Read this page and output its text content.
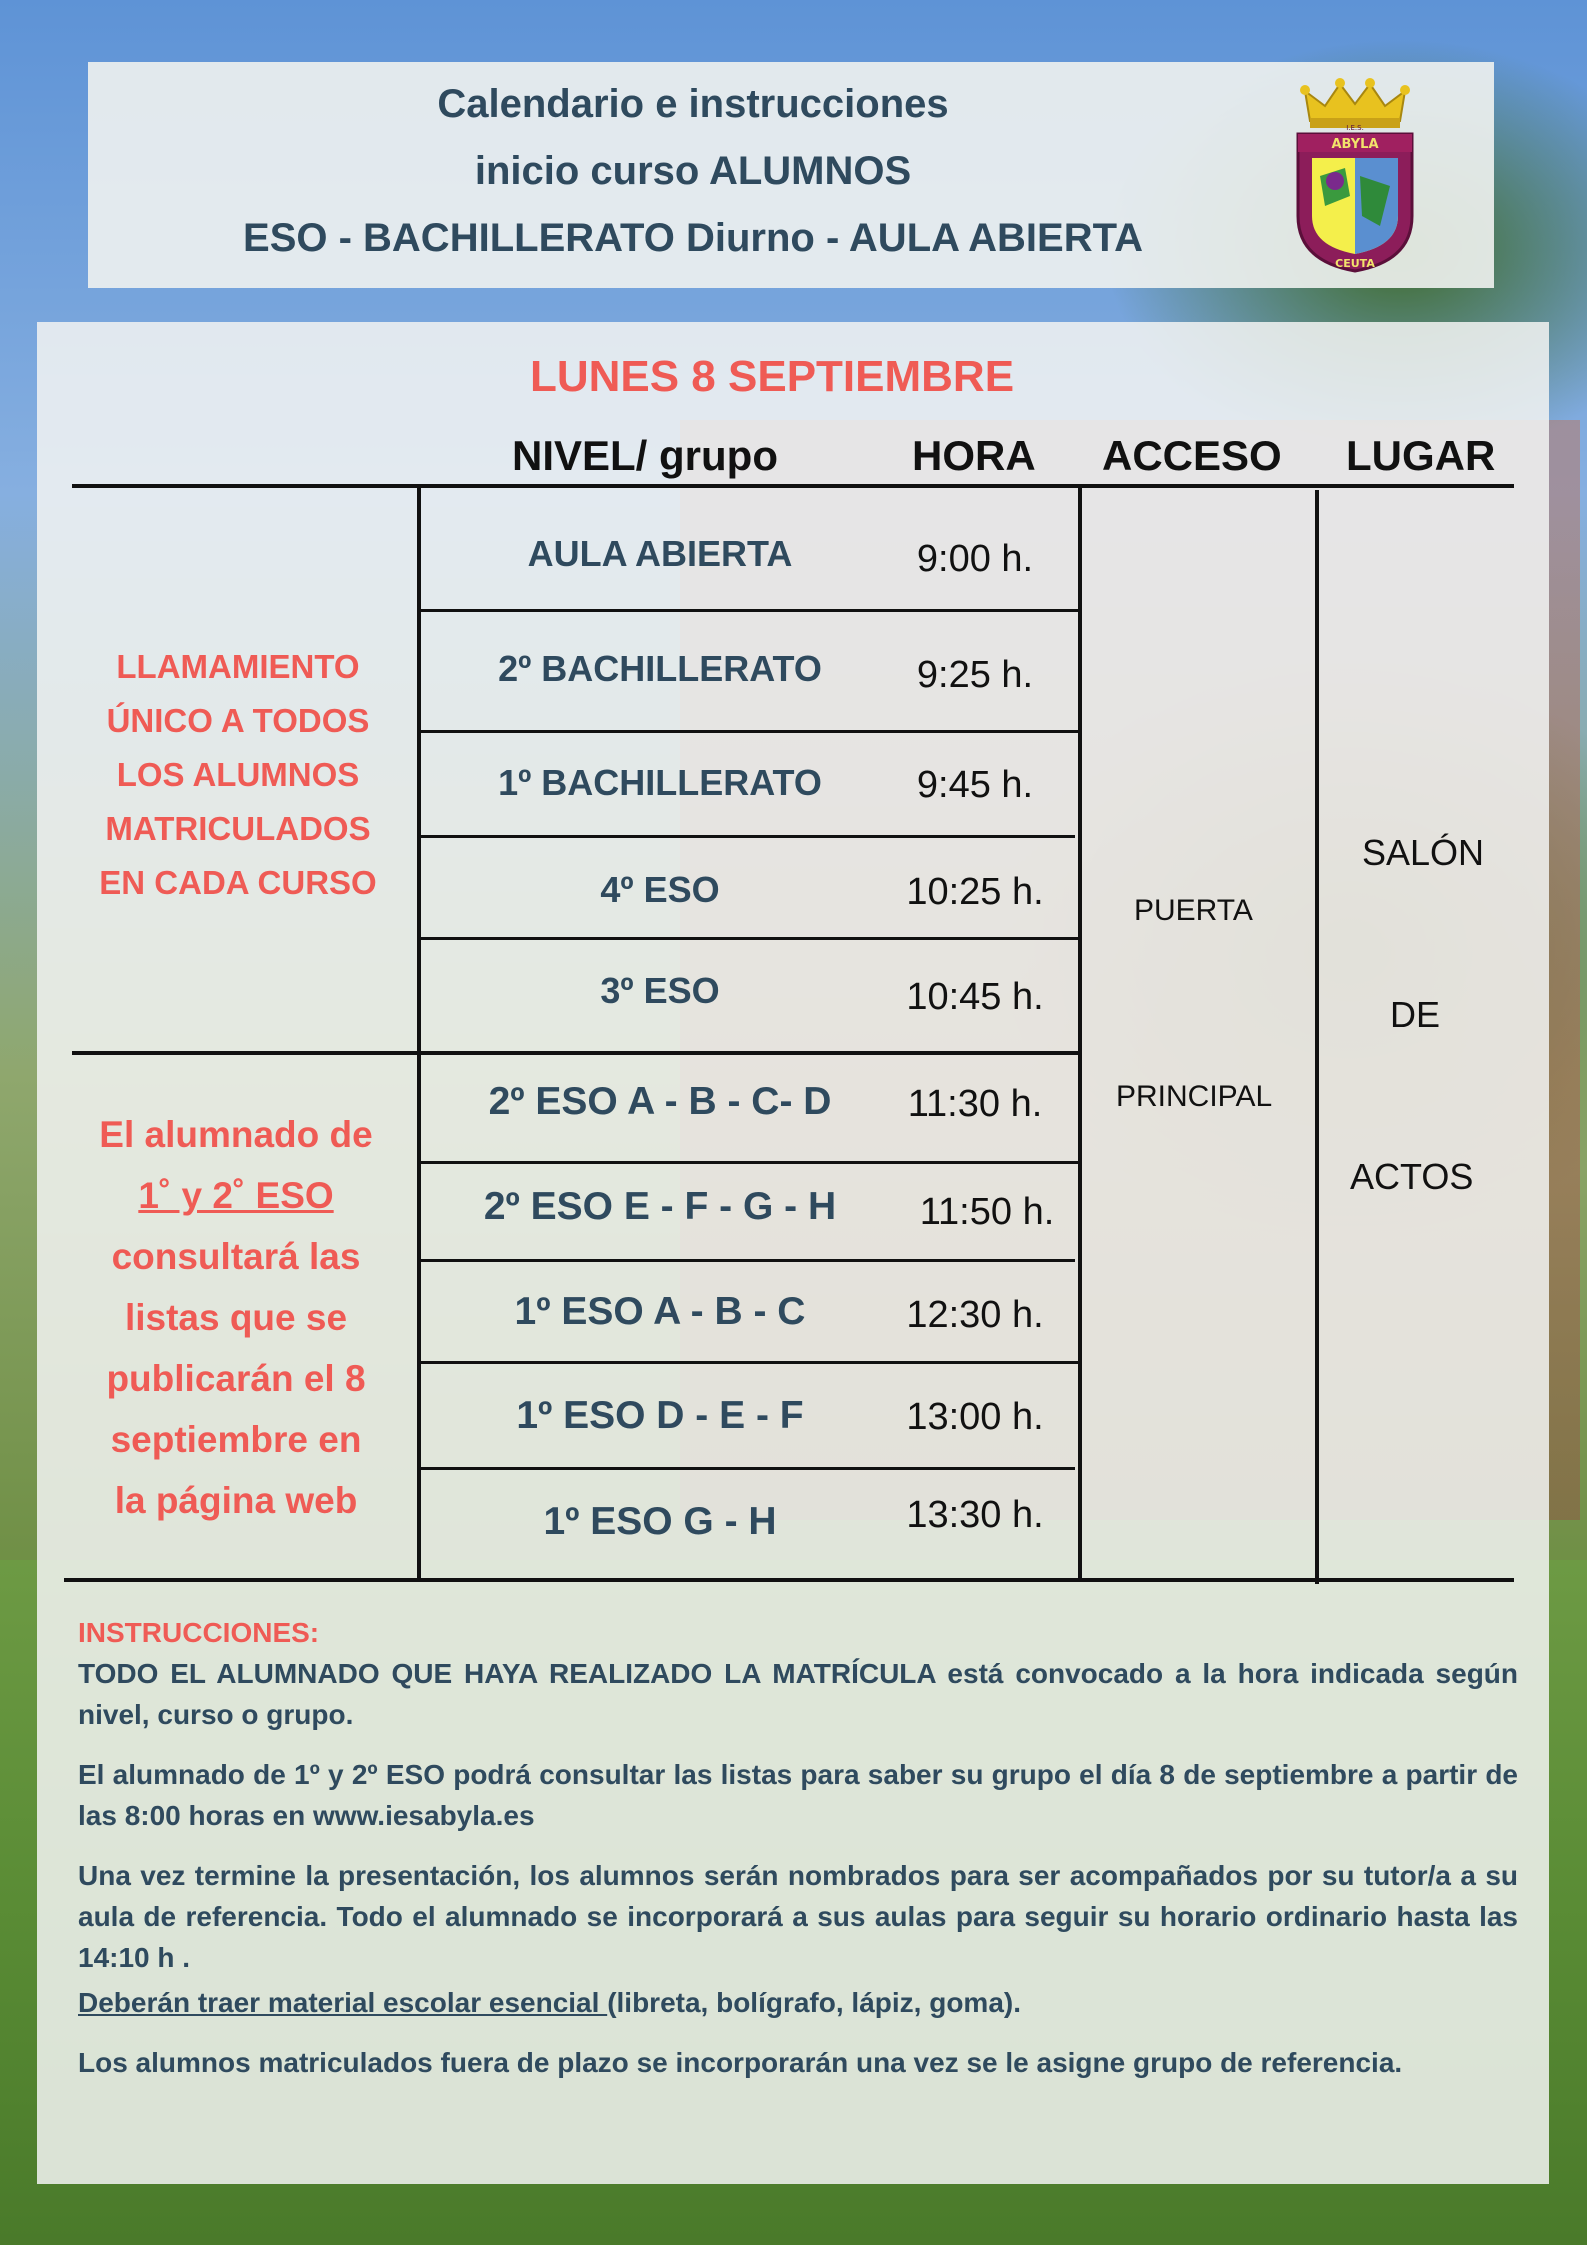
Calendario e instrucciones
inicio curso ALUMNOS
ESO - BACHILLERATO Diurno - AULA ABIERTA
ABYLA
CEUTA
I.E.S.
LUNES 8 SEPTIEMBRE
NIVEL/ grupo	HORA ACCESO LUGAR
AULA ABIERTA	9:00 h.
2º BACHILLERATO	9:25 h.
1º BACHILLERATO	9:45 h.
4º ESO	10:25 h.
3º ESO	10:45 h.
2º ESO A - B - C- D	11:30 h.
2º ESO E - F - G - H	11:50 h.
1º ESO A - B - C	12:30 h.
1º ESO D - E - F	13:00 h.
1º ESO G - H	13:30 h.
PUERTA
PRINCIPAL
SALÓN
DE
ACTOS
LLAMAMIENTO
ÚNICO A TODOS
LOS ALUMNOS
MATRICULADOS
EN CADA CURSO
El alumnado de
1˚ y 2˚ ESO
consultará las
listas que se
publicarán el 8
septiembre en
la página web

INSTRUCCIONES:
TODO EL ALUMNADO QUE HAYA REALIZADO LA MATRÍCULA está convocado a la hora indicada según nivel, curso o grupo.

El alumnado de 1º y 2º ESO podrá consultar las listas para saber su grupo el día 8 de septiembre a partir de las 8:00 horas en www.iesabyla.es

Una vez termine la presentación, los alumnos serán nombrados para ser acompañados por su tutor/a a su aula de referencia. Todo el alumnado se incorporará a sus aulas para seguir su horario ordinario hasta las 14:10 h .

Deberán traer material escolar esencial (libreta, bolígrafo, lápiz, goma).

Los alumnos matriculados fuera de plazo se incorporarán una vez se le asigne grupo de referencia.
